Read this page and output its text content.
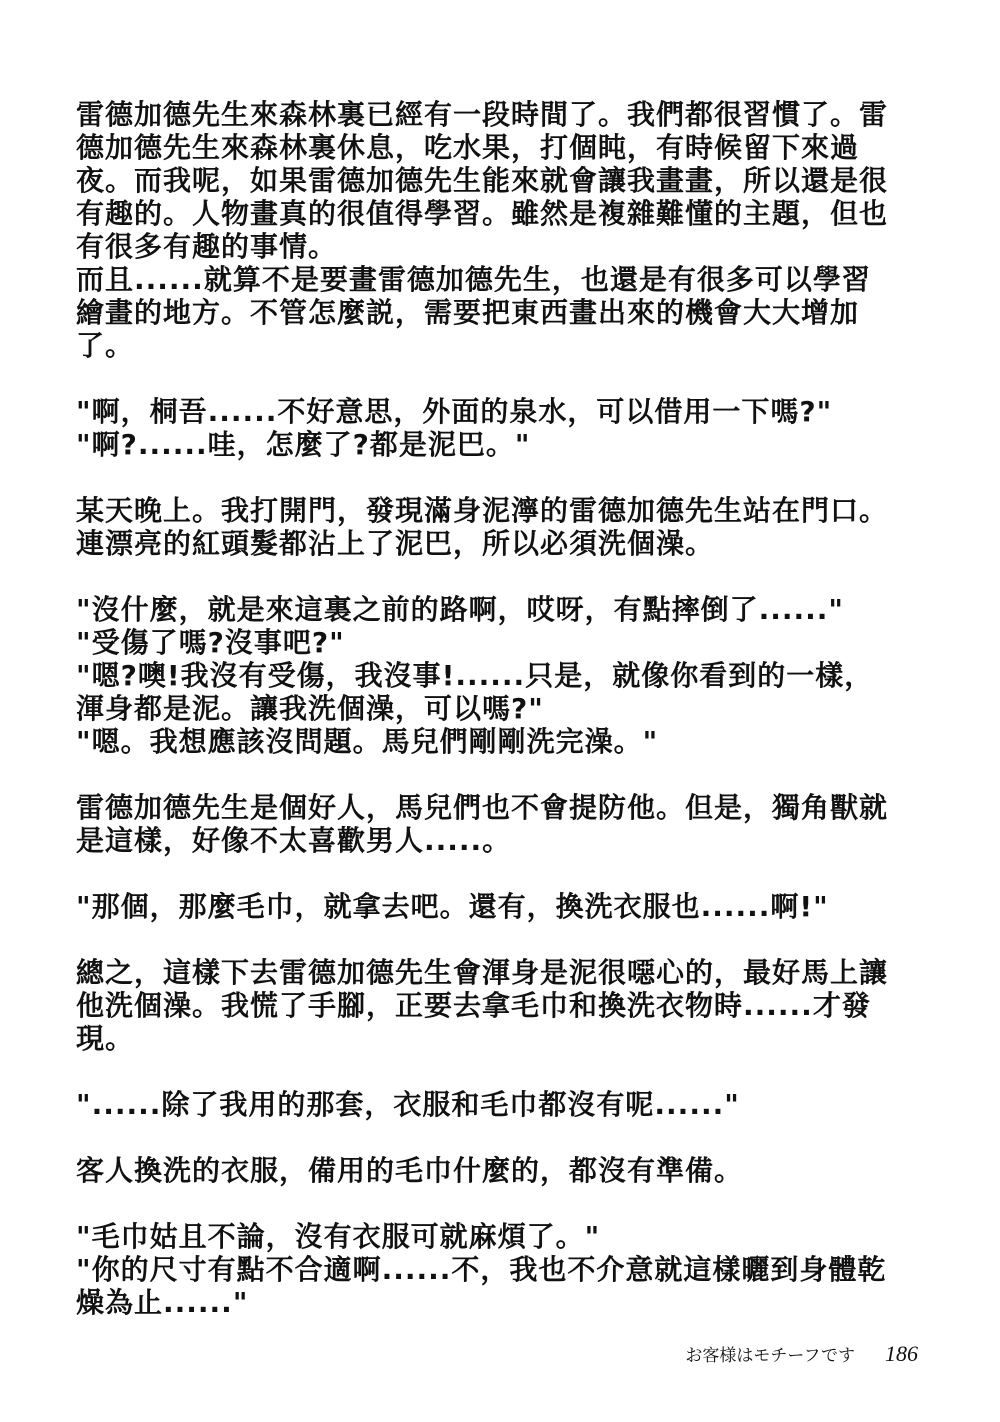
雷德加德先生來森林裏已經有一段時間了。我們都很習慣了。雷
德加德先生來森林裏休息，吃水果，打個盹，有時候留下來過
夜。而我呢，如果雷德加德先生能來就會讓我畫畫，所以還是很
有趣的。人物畫真的很值得學習。雖然是複雜難懂的主題，但也
有很多有趣的事情。

而且......就算不是要畫雷德加德先生，也還是有很多可以學習
繪畫的地方。不管怎麼説，需要把東西畫出來的機會大大增加
了。

"啊，桐吾......不好意思，外面的泉水，可以借用一下嗎?"

"啊?......哇，怎麼了?都是泥巴。"

某天晚上。我打開門，發現滿身泥濘的雷德加德先生站在門口。
連漂亮的紅頭髮都沾上了泥巴，所以必須洗個澡。

"沒什麼，就是來這裏之前的路啊，哎呀，有點摔倒了......"

"受傷了嗎?沒事吧?"

"嗯?噢!我沒有受傷，我沒事!......只是，就像你看到的一樣，
渾身都是泥。讓我洗個澡，可以嗎?"

"嗯。我想應該沒問題。馬兒們剛剛洗完澡。"

雷德加德先生是個好人，馬兒們也不會提防他。但是，獨角獸就
是這樣，好像不太喜歡男人.....。

"那個，那麼毛巾，就拿去吧。還有，換洗衣服也......啊!"

總之，這樣下去雷德加德先生會渾身是泥很噁心的，最好馬上讓
他洗個澡。我慌了手腳，正要去拿毛巾和換洗衣物時......才發
現。

"......除了我用的那套，衣服和毛巾都沒有呢......"

客人換洗的衣服，備用的毛巾什麼的，都沒有準備。

"毛巾姑且不論，沒有衣服可就麻煩了。"

"你的尺寸有點不合適啊......不，我也不介意就這樣曬到身體乾
燥為止......"

お客様はモチーフです 186
